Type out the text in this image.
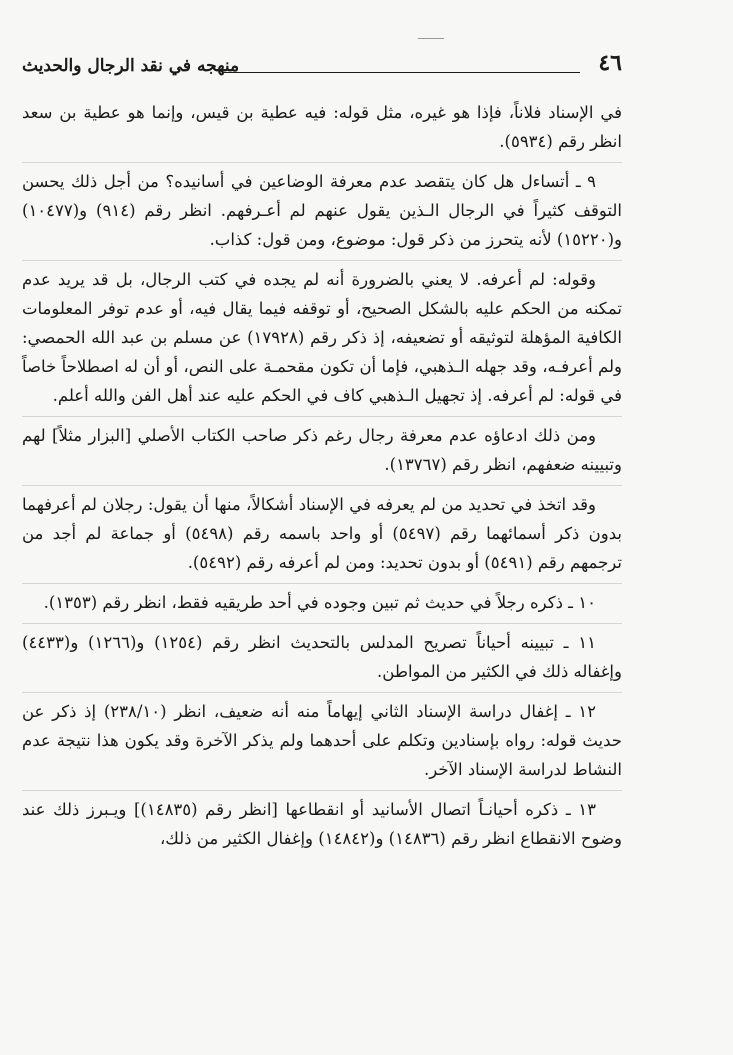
٤٦
منهجه في نقد الرجال والحديث

في الإسناد فلاناً، فإذا هو غيره، مثل قوله: فيه عطية بن قيس، وإنما هو عطية بن سعد انظر رقم (٥٩٣٤).

٩ ـ أتساءل هل كان يتقصد عدم معرفة الوضاعين في أسانيده؟ من أجل ذلك يحسن التوقف كثيراً في الرجال الـذين يقول عنهم لم أعـرفهم. انظر رقم (٩١٤) و(١٠٤٧٧) و(١٥٢٢٠) لأنه يتحرز من ذكر قول: موضوع، ومن قول: كذاب.

وقوله: لم أعرفه. لا يعني بالضرورة أنه لم يجده في كتب الرجال، بل قد يريد عدم تمكنه من الحكم عليه بالشكل الصحيح، أو توقفه فيما يقال فيه، أو عدم توفر المعلومات الكافية المؤهلة لتوثيقه أو تضعيفه، إذ ذكر رقم (١٧٩٢٨) عن مسلم بن عبد الله الحمصي: ولم أعرفـه، وقد جهله الـذهبي، فإما أن تكون مقحمـة على النص، أو أن له اصطلاحاً خاصاً في قوله: لم أعرفه. إذ تجهيل الـذهبي كاف في الحكم عليه عند أهل الفن والله أعلم.

ومن ذلك ادعاؤه عدم معرفة رجال رغم ذكر صاحب الكتاب الأصلي [البزار مثلاً] لهم وتبيينه ضعفهم، انظر رقم (١٣٧٦٧).

وقد اتخذ في تحديد من لم يعرفه في الإسناد أشكالاً، منها أن يقول: رجلان لم أعرفهما بدون ذكر أسمائهما رقم (٥٤٩٧) أو واحد باسمه رقم (٥٤٩٨) أو جماعة لم أجد من ترجمهم رقم (٥٤٩١) أو بدون تحديد: ومن لم أعرفه رقم (٥٤٩٢).

١٠ ـ ذكره رجلاً في حديث ثم تبين وجوده في أحد طريقيه فقط، انظر رقم (١٣٥٣).

١١ ـ تبيينه أحياناً تصريح المدلس بالتحديث انظر رقم (١٢٥٤) و(١٢٦٦) و(٤٤٣٣) وإغفاله ذلك في الكثير من المواطن.

١٢ ـ إغفال دراسة الإسناد الثاني إيهاماً منه أنه ضعيف، انظر (٢٣٨/١٠) إذ ذكر عن حديث قوله: رواه بإسنادين وتكلم على أحدهما ولم يذكر الآخرة وقد يكون هذا نتيجة عدم النشاط لدراسة الإسناد الآخر.

١٣ ـ ذكره أحيانـاً اتصال الأسانيد أو انقطاعها [انظر رقم (١٤٨٣٥)] ويـبرز ذلك عند وضوح الانقطاع انظر رقم (١٤٨٣٦) و(١٤٨٤٢) وإغفال الكثير من ذلك،
